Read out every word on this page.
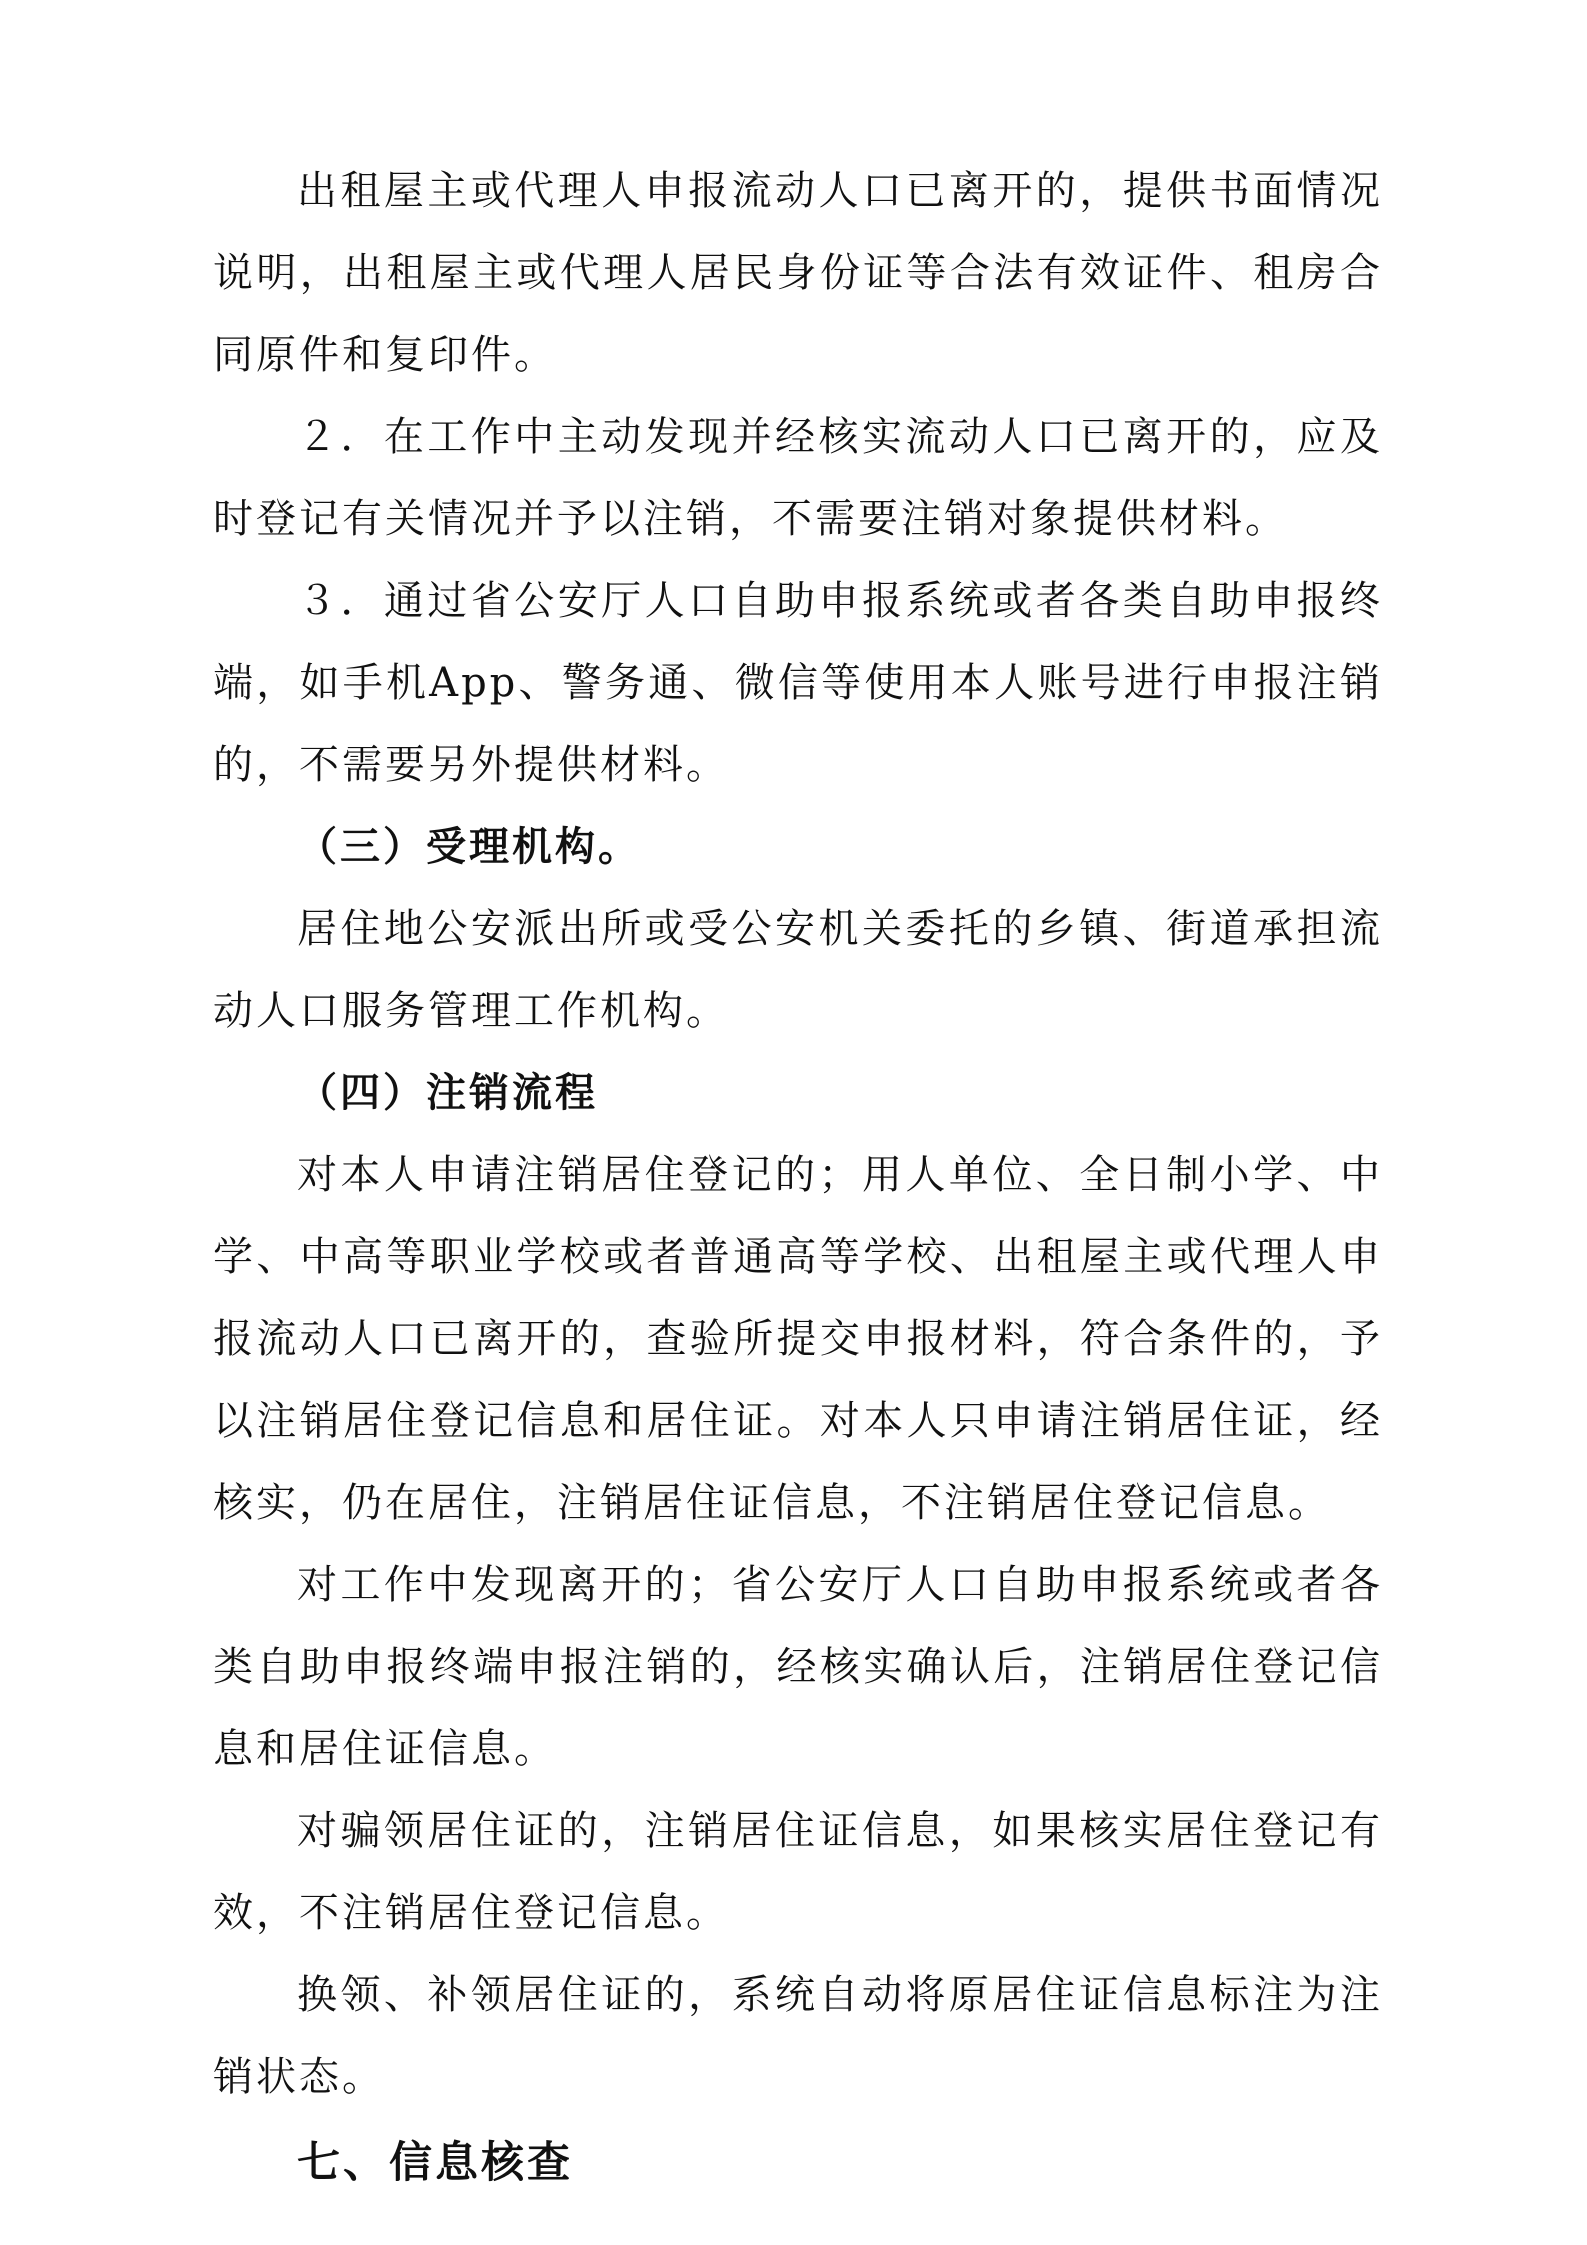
出租屋主或代理人申报流动人口已离开的，提供书面情况说明，出租屋主或代理人居民身份证等合法有效证件、租房合同原件和复印件。

２．在工作中主动发现并经核实流动人口已离开的，应及时登记有关情况并予以注销，不需要注销对象提供材料。

３．通过省公安厅人口自助申报系统或者各类自助申报终端，如手机App、警务通、微信等使用本人账号进行申报注销的，不需要另外提供材料。

（三）受理机构。

居住地公安派出所或受公安机关委托的乡镇、街道承担流动人口服务管理工作机构。

（四）注销流程

对本人申请注销居住登记的；用人单位、全日制小学、中学、中高等职业学校或者普通高等学校、出租屋主或代理人申报流动人口已离开的，查验所提交申报材料，符合条件的，予以注销居住登记信息和居住证。对本人只申请注销居住证，经核实，仍在居住，注销居住证信息，不注销居住登记信息。

对工作中发现离开的；省公安厅人口自助申报系统或者各类自助申报终端申报注销的，经核实确认后，注销居住登记信息和居住证信息。

对骗领居住证的，注销居住证信息，如果核实居住登记有效，不注销居住登记信息。

换领、补领居住证的，系统自动将原居住证信息标注为注销状态。

七、信息核查
